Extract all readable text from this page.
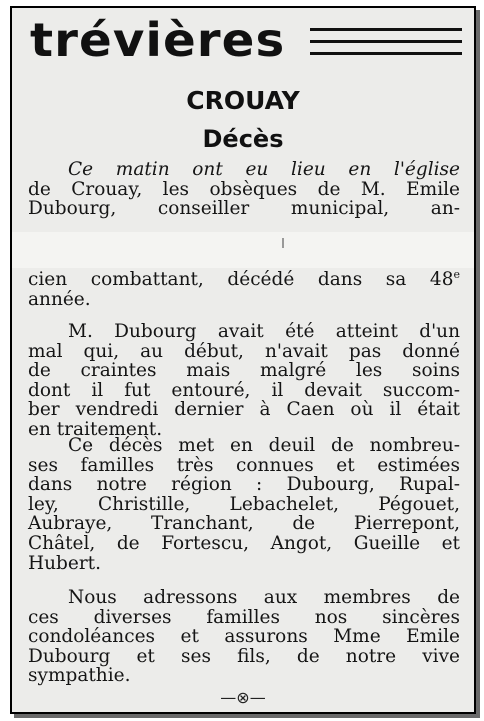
trévières
CROUAY
Décès
Ce matin ont eu lieu en l'église
de Crouay, les obsèques de M. Emile
Dubourg, conseiller municipal, an-
cien combattant, décédé dans sa 48e
année.
M. Dubourg avait été atteint d'un
mal qui, au début, n'avait pas donné
de craintes mais malgré les soins
dont il fut entouré, il devait succom-
ber vendredi dernier à Caen où il était
en traitement.
Ce décès met en deuil de nombreu-
ses familles très connues et estimées
dans notre région : Dubourg, Rupal-
ley, Christille, Lebachelet, Pégouet,
Aubraye, Tranchant, de Pierrepont,
Châtel, de Fortescu, Angot, Gueille et
Hubert.
Nous adressons aux membres de
ces diverses familles nos sincères
condoléances et assurons Mme Emile
Dubourg et ses fils, de notre vive
sympathie.
—⊗—
